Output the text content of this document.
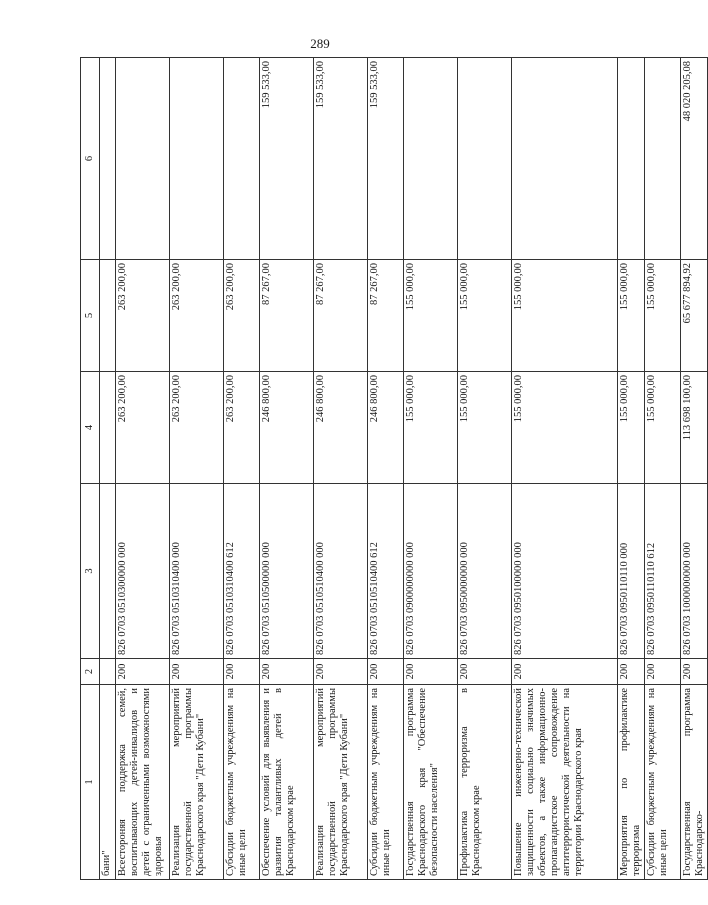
289
1	2	3	4	5	6
бани"					
Всестороняя поддержка семей, воспитывающих детей-инвалидов и детей с ограниченными возможностями здоровья	200	826 0703 0510300000 000	263 200,00	263 200,00	
Реализация мероприятий государственной программы Краснодарского края "Дети Кубани"	200	826 0703 0510310400 000	263 200,00	263 200,00	
Субсидии бюджетным учреждениям на иные цели	200	826 0703 0510310400 612	263 200,00	263 200,00	
Обеспечение условий для выявления и развития талантливых детей в Краснодарском крае	200	826 0703 0510500000 000	246 800,00	87 267,00	159 533,00
Реализация мероприятий государственной программы Краснодарского края "Дети Кубани"	200	826 0703 0510510400 000	246 800,00	87 267,00	159 533,00
Субсидии бюджетным учреждениям на иные цели	200	826 0703 0510510400 612	246 800,00	87 267,00	159 533,00
Государственная программа Краснодарского края "Обеспечение безопасности населения"	200	826 0703 0900000000 000	155 000,00	155 000,00	
Профилактика терроризма в Краснодарском крае	200	826 0703 0950000000 000	155 000,00	155 000,00	
Повышение инженерно-технической защищенности социально значимых объектов, а также информационно-пропагандистское сопровождение антитеррористической деятельности на территории Краснодарского края	200	826 0703 0950100000 000	155 000,00	155 000,00	
Мероприятия по профилактике терроризма	200	826 0703 0950110110 000	155 000,00	155 000,00	
Субсидии бюджетным учреждениям на иные цели	200	826 0703 0950110110 612	155 000,00	155 000,00	
Государственная программа Краснодарско-	200	826 0703 1000000000 000	113 698 100,00	65 677 894,92	48 020 205,08
